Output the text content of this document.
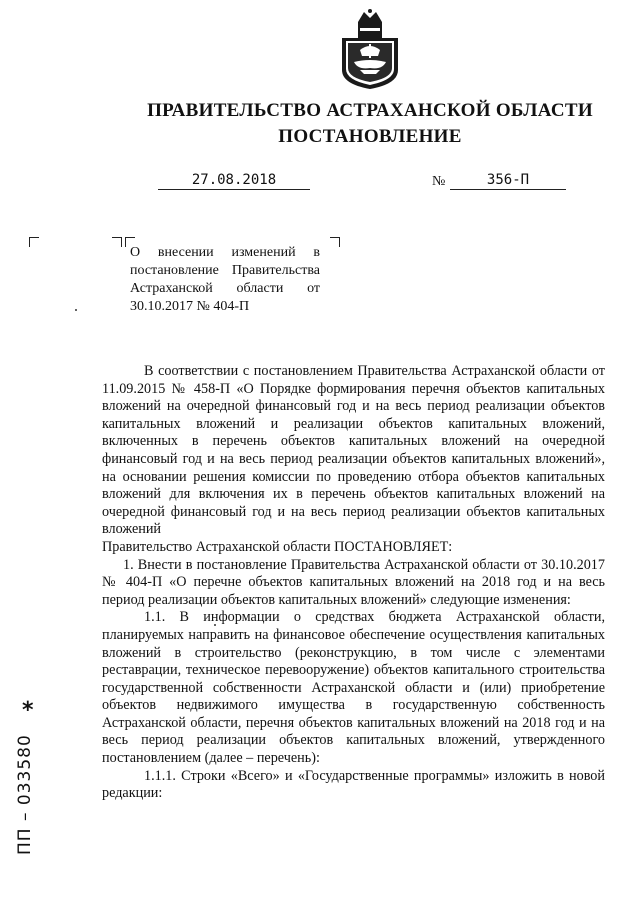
ПРАВИТЕЛЬСТВО АСТРАХАНСКОЙ ОБЛАСТИ
ПОСТАНОВЛЕНИЕ
27.08.2018	№	356-П
О внесении изменений в постановление Правительства Астраханской области от 30.10.2017 № 404-П

В соответствии с постановлением Правительства Астраханской области от 11.09.2015 № 458-П «О Порядке формирования перечня объектов капитальных вложений на очередной финансовый год и на весь период реализации объектов капитальных вложений и реализации объектов капитальных вложений, включенных в перечень объектов капитальных вложений на очередной финансовый год и на весь период реализации объектов капитальных вложений», на основании решения комиссии по проведению отбора объектов капитальных вложений для включения их в перечень объектов капитальных вложений на очередной финансовый год и на весь период реализации объектов капитальных вложений

Правительство Астраханской области ПОСТАНОВЛЯЕТ:

1. Внести в постановление Правительства Астраханской области от 30.10.2017 № 404-П «О перечне объектов капитальных вложений на 2018 год и на весь период реализации объектов капитальных вложений» следующие изменения:

1.1. В информации о средствах бюджета Астраханской области, планируемых направить на финансовое обеспечение осуществления капитальных вложений в строительство (реконструкцию, в том числе с элементами реставрации, техническое перевооружение) объектов капитального строительства государственной собственности Астраханской области и (или) приобретение объектов недвижимого имущества в государственную собственность Астраханской области, перечня объектов капитальных вложений на 2018 год и на весь период реализации объектов капитальных вложений, утвержденного постановлением (далее – перечень):

1.1.1. Строки «Всего» и «Государственные программы» изложить в новой редакции:

*
ПП – 033580
